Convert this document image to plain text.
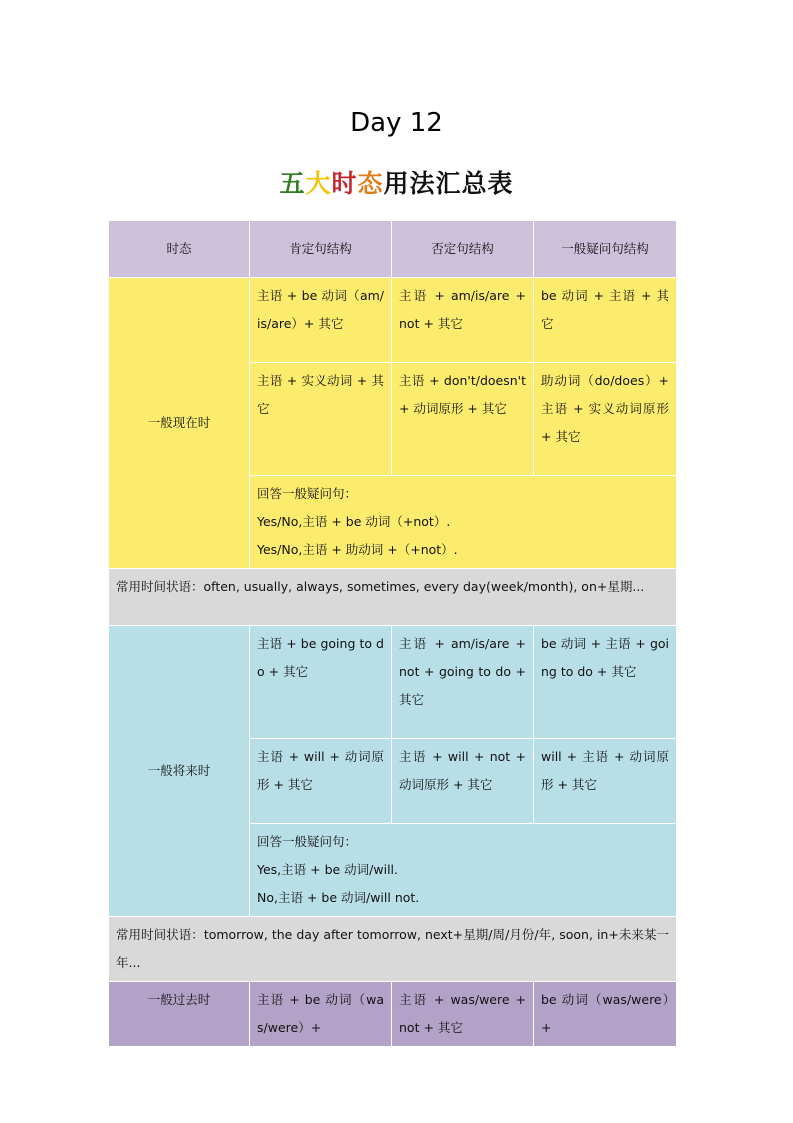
Day 12
五大时态用法汇总表
时态	肯定句结构	否定句结构	一般疑问句结构
一般现在时	主语 + be 动词（am/is/are）+ 其它	主语 + am/is/are + not + 其它	be 动词 + 主语 + 其它
	主语 + 实义动词 + 其它	主语 + don't/doesn't + 动词原形 + 其它	助动词（do/does）+ 主语 + 实义动词原形 + 其它

	回答一般疑问句：
Yes/No,主语 + be 动词（+not）.
Yes/No,主语 + 助动词 +（+not）.		

常用时间状语：often, usually, always, sometimes, every day(week/month), on+星期...			
一般将来时	主语 + be going to do + 其它	主语 + am/is/are + not + going to do + 其它	be 动词 + 主语 + going to do + 其它
	主语 + will + 动词原形 + 其它	主语 + will + not + 动词原形 + 其它	will + 主语 + 动词原形 + 其它

	回答一般疑问句：
Yes,主语 + be 动词/will.
No,主语 + be 动词/will not.		

常用时间状语：tomorrow, the day after tomorrow, next+星期/周/月份/年, soon, in+未来某一年...			
一般过去时	主语 + be 动词（was/were）+	主语 + was/were + not + 其它	be 动词（was/were）+
